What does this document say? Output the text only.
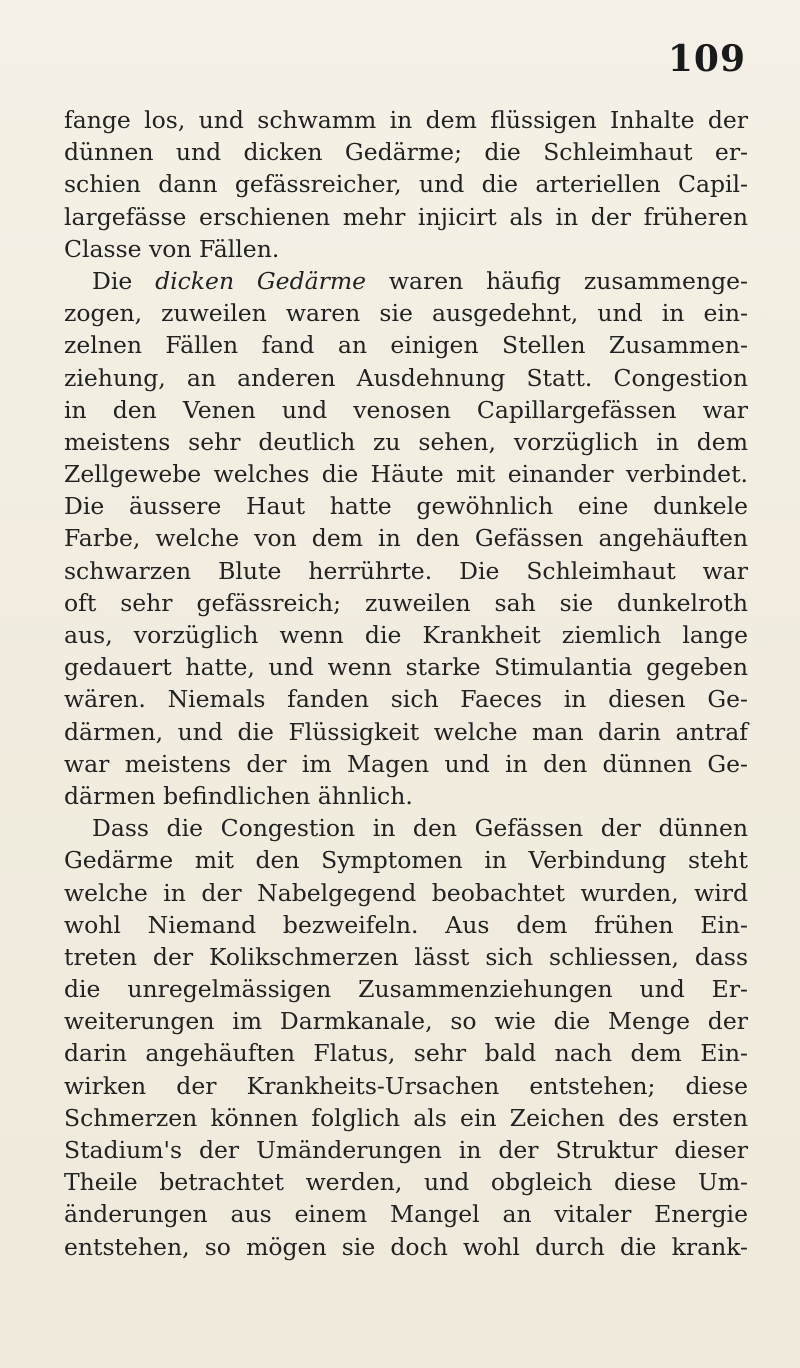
109
fange los, und schwamm in dem flüssigen Inhalte der
dünnen und dicken Gedärme; die Schleimhaut er-
schien dann gefässreicher, und die arteriellen Capil-
largefässe erschienen mehr injicirt als in der früheren
Classe von Fällen.
Die dicken Gedärme waren häufig zusammenge-
zogen, zuweilen waren sie ausgedehnt, und in ein-
zelnen Fällen fand an einigen Stellen Zusammen-
ziehung, an anderen Ausdehnung Statt. Congestion
in den Venen und venosen Capillargefässen war
meistens sehr deutlich zu sehen, vorzüglich in dem
Zellgewebe welches die Häute mit einander verbindet.
Die äussere Haut hatte gewöhnlich eine dunkele
Farbe, welche von dem in den Gefässen angehäuften
schwarzen Blute herrührte. Die Schleimhaut war
oft sehr gefässreich; zuweilen sah sie dunkelroth
aus, vorzüglich wenn die Krankheit ziemlich lange
gedauert hatte, und wenn starke Stimulantia gegeben
wären. Niemals fanden sich Faeces in diesen Ge-
därmen, und die Flüssigkeit welche man darin antraf
war meistens der im Magen und in den dünnen Ge-
därmen befindlichen ähnlich.
Dass die Congestion in den Gefässen der dünnen
Gedärme mit den Symptomen in Verbindung steht
welche in der Nabelgegend beobachtet wurden, wird
wohl Niemand bezweifeln. Aus dem frühen Ein-
treten der Kolikschmerzen lässt sich schliessen, dass
die unregelmässigen Zusammenziehungen und Er-
weiterungen im Darmkanale, so wie die Menge der
darin angehäuften Flatus, sehr bald nach dem Ein-
wirken der Krankheits-Ursachen entstehen; diese
Schmerzen können folglich als ein Zeichen des ersten
Stadium's der Umänderungen in der Struktur dieser
Theile betrachtet werden, und obgleich diese Um-
änderungen aus einem Mangel an vitaler Energie
entstehen, so mögen sie doch wohl durch die krank-
